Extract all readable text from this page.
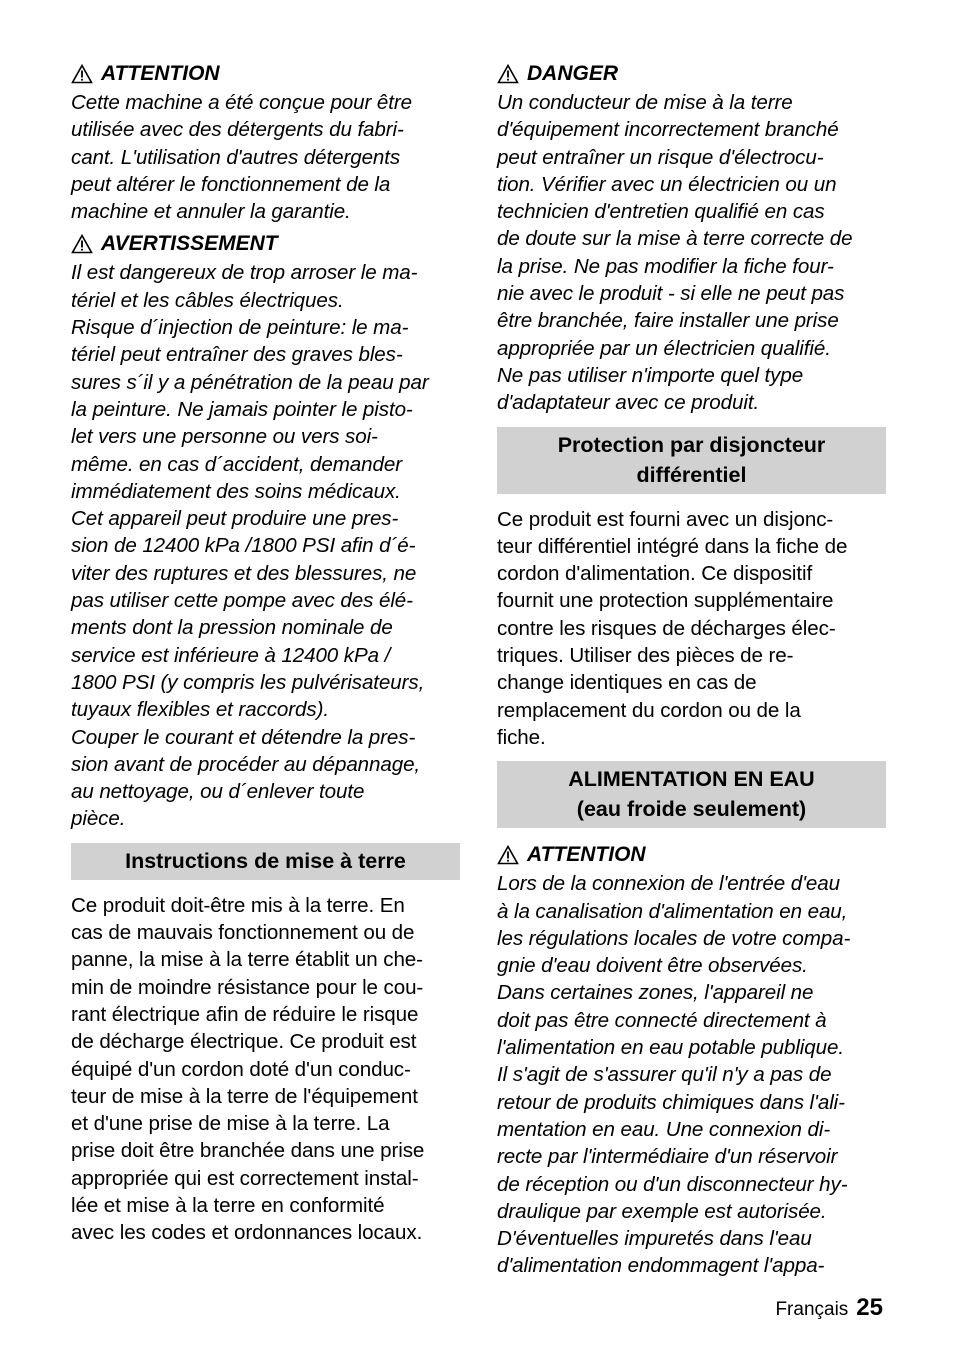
ATTENTION

Cette machine a été conçue pour être
utilisée avec des détergents du fabri-
cant. L'utilisation d'autres détergents
peut altérer le fonctionnement de la
machine et annuler la garantie.

AVERTISSEMENT

Il est dangereux de trop arroser le ma-
tériel et les câbles électriques.
Risque d´injection de peinture: le ma-
tériel peut entraîner des graves bles-
sures s´il y a pénétration de la peau par
la peinture. Ne jamais pointer le pisto-
let vers une personne ou vers soi-
même. en cas d´accident, demander
immédiatement des soins médicaux.
Cet appareil peut produire une pres-
sion de 12400 kPa /1800 PSI afin d´é-
viter des ruptures et des blessures, ne
pas utiliser cette pompe avec des élé-
ments dont la pression nominale de
service est inférieure à 12400 kPa /
1800 PSI (y compris les pulvérisateurs,
tuyaux flexibles et raccords).
Couper le courant et détendre la pres-
sion avant de procéder au dépannage,
au nettoyage, ou d´enlever toute
pièce.

Instructions de mise à terre

Ce produit doit-être mis à la terre. En
cas de mauvais fonctionnement ou de
panne, la mise à la terre établit un che-
min de moindre résistance pour le cou-
rant électrique afin de réduire le risque
de décharge électrique. Ce produit est
équipé d'un cordon doté d'un conduc-
teur de mise à la terre de l'équipement
et d'une prise de mise à la terre. La
prise doit être branchée dans une prise
appropriée qui est correctement instal-
lée et mise à la terre en conformité
avec les codes et ordonnances locaux.

DANGER

Un conducteur de mise à la terre
d'équipement incorrectement branché
peut entraîner un risque d'électrocu-
tion. Vérifier avec un électricien ou un
technicien d'entretien qualifié en cas
de doute sur la mise à terre correcte de
la prise. Ne pas modifier la fiche four-
nie avec le produit - si elle ne peut pas
être branchée, faire installer une prise
appropriée par un électricien qualifié.
Ne pas utiliser n'importe quel type
d'adaptateur avec ce produit.

Protection par disjoncteur
différentiel

Ce produit est fourni avec un disjonc-
teur différentiel intégré dans la fiche de
cordon d'alimentation. Ce dispositif
fournit une protection supplémentaire
contre les risques de décharges élec-
triques. Utiliser des pièces de re-
change identiques en cas de
remplacement du cordon ou de la
fiche.

ALIMENTATION EN EAU
(eau froide seulement)
ATTENTION

Lors de la connexion de l'entrée d'eau
à la canalisation d'alimentation en eau,
les régulations locales de votre compa-
gnie d'eau doivent être observées.
Dans certaines zones, l'appareil ne
doit pas être connecté directement à
l'alimentation en eau potable publique.
Il s'agit de s'assurer qu'il n'y a pas de
retour de produits chimiques dans l'ali-
mentation en eau. Une connexion di-
recte par l'intermédiaire d'un réservoir
de réception ou d'un disconnecteur hy-
draulique par exemple est autorisée.
D'éventuelles impuretés dans l'eau
d'alimentation endommagent l'appa-

Français 25
